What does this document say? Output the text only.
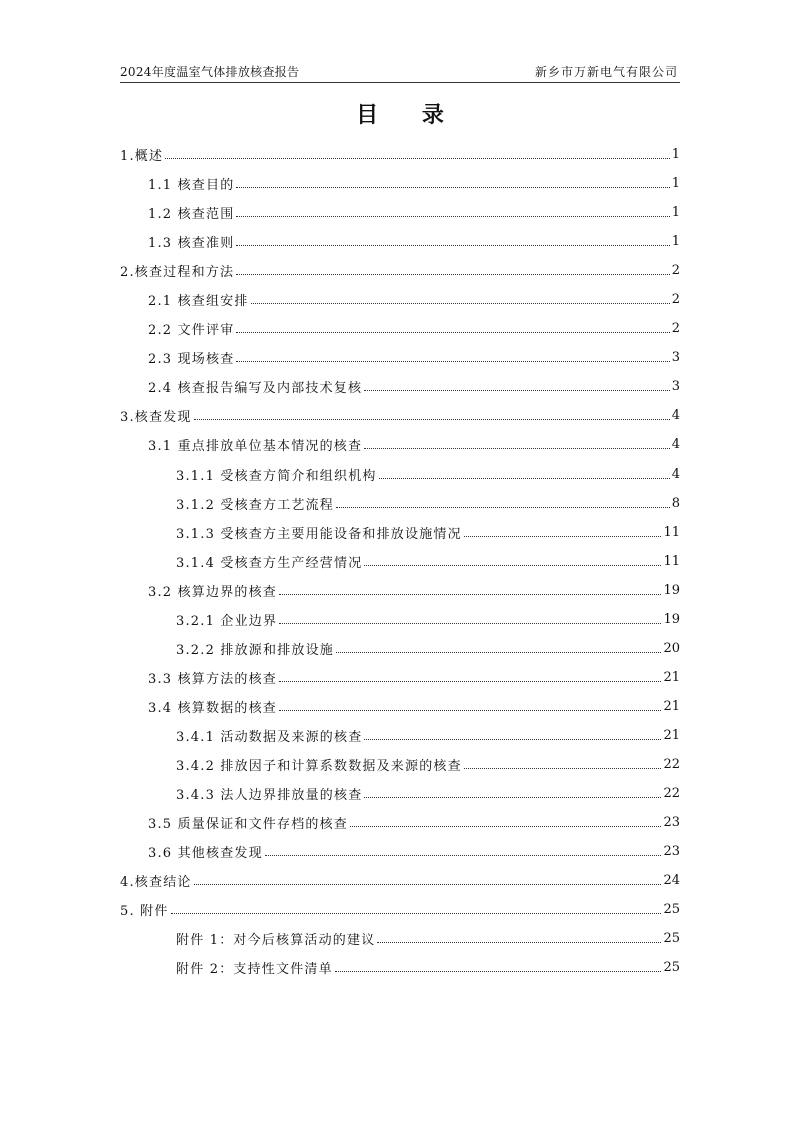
2024年度温室气体排放核查报告	新乡市万新电气有限公司
目 录
1.概述	1
1.1 核查目的	1
1.2 核查范围	1
1.3 核查准则	1
2.核查过程和方法	2
2.1 核查组安排	2
2.2 文件评审	2
2.3 现场核查	3
2.4 核查报告编写及内部技术复核	3
3.核查发现	4
3.1 重点排放单位基本情况的核查	4
3.1.1 受核查方简介和组织机构	4
3.1.2 受核查方工艺流程	8
3.1.3 受核查方主要用能设备和排放设施情况	11
3.1.4 受核查方生产经营情况	11
3.2 核算边界的核查	19
3.2.1 企业边界	19
3.2.2 排放源和排放设施	20
3.3 核算方法的核查	21
3.4 核算数据的核查	21
3.4.1 活动数据及来源的核查	21
3.4.2 排放因子和计算系数数据及来源的核查	22
3.4.3 法人边界排放量的核查	22
3.5 质量保证和文件存档的核查	23
3.6 其他核查发现	23
4.核查结论	24
5. 附件	25
附件 1：对今后核算活动的建议	25
附件 2：支持性文件清单	25
